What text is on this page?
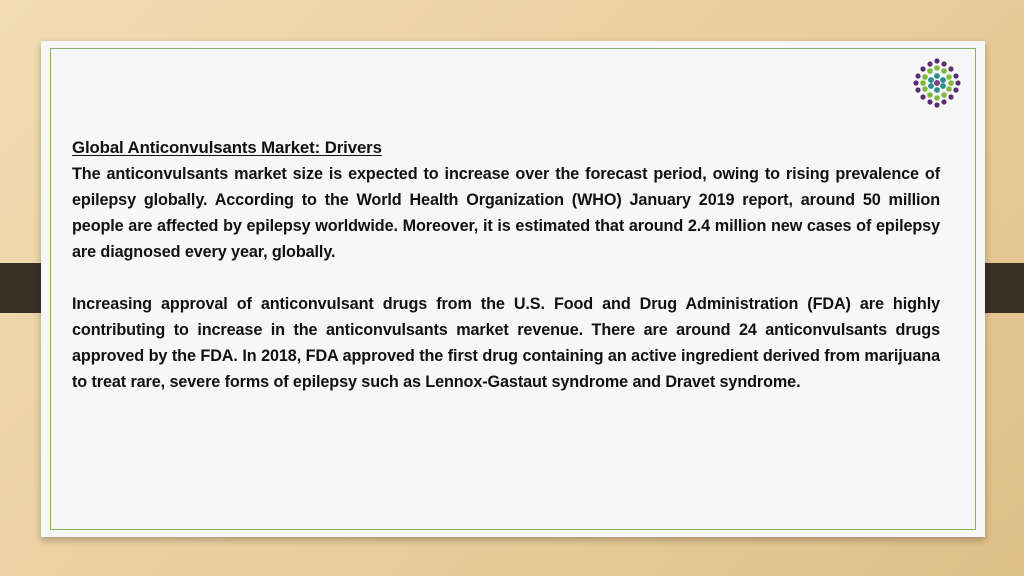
Global Anticonvulsants Market: Drivers

The anticonvulsants market size is expected to increase over the forecast period, owing to rising prevalence of epilepsy globally. According to the World Health Organization (WHO) January 2019 report, around 50 million people are affected by epilepsy worldwide. Moreover, it is estimated that around 2.4 million new cases of epilepsy are diagnosed every year, globally.

Increasing approval of anticonvulsant drugs from the U.S. Food and Drug Administration (FDA) are highly contributing to increase in the anticonvulsants market revenue. There are around 24 anticonvulsants drugs approved by the FDA. In 2018, FDA approved the first drug containing an active ingredient derived from marijuana to treat rare, severe forms of epilepsy such as Lennox-Gastaut syndrome and Dravet syndrome.
